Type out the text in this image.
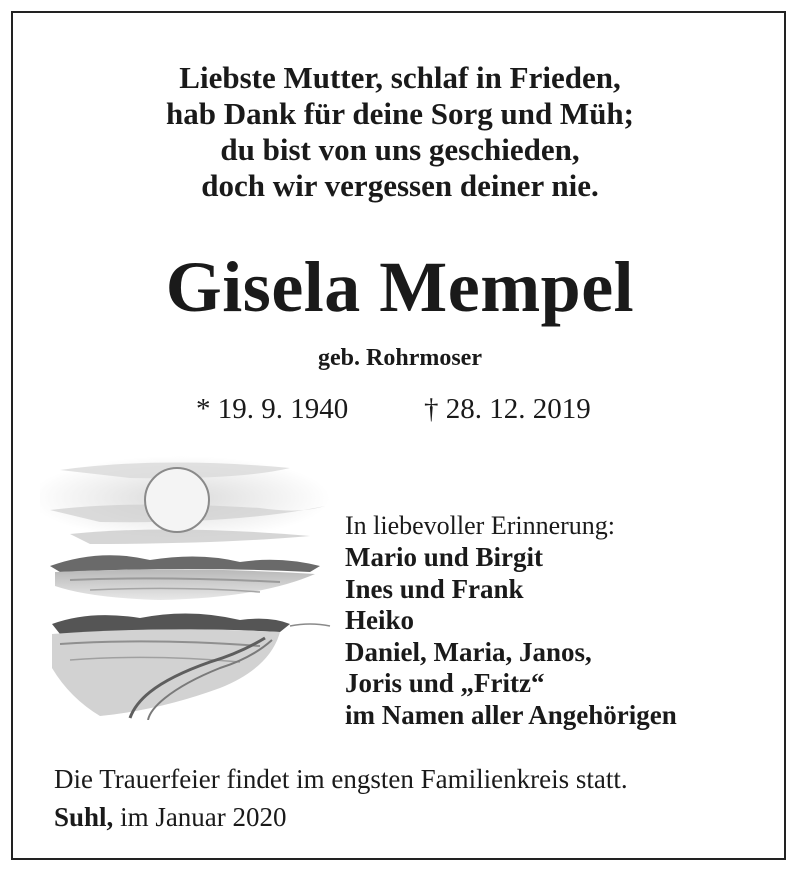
Liebste Mutter, schlaf in Frieden,
hab Dank für deine Sorg und Müh;
du bist von uns geschieden,
doch wir vergessen deiner nie.
Gisela Mempel
geb. Rohrmoser
* 19. 9. 1940	† 28. 12. 2019
In liebevoller Erinnerung:
Mario und Birgit
Ines und Frank
Heiko
Daniel, Maria, Janos,
Joris und „Fritz“
im Namen aller Angehörigen
Die Trauerfeier findet im engsten Familienkreis statt.
Suhl, im Januar 2020
